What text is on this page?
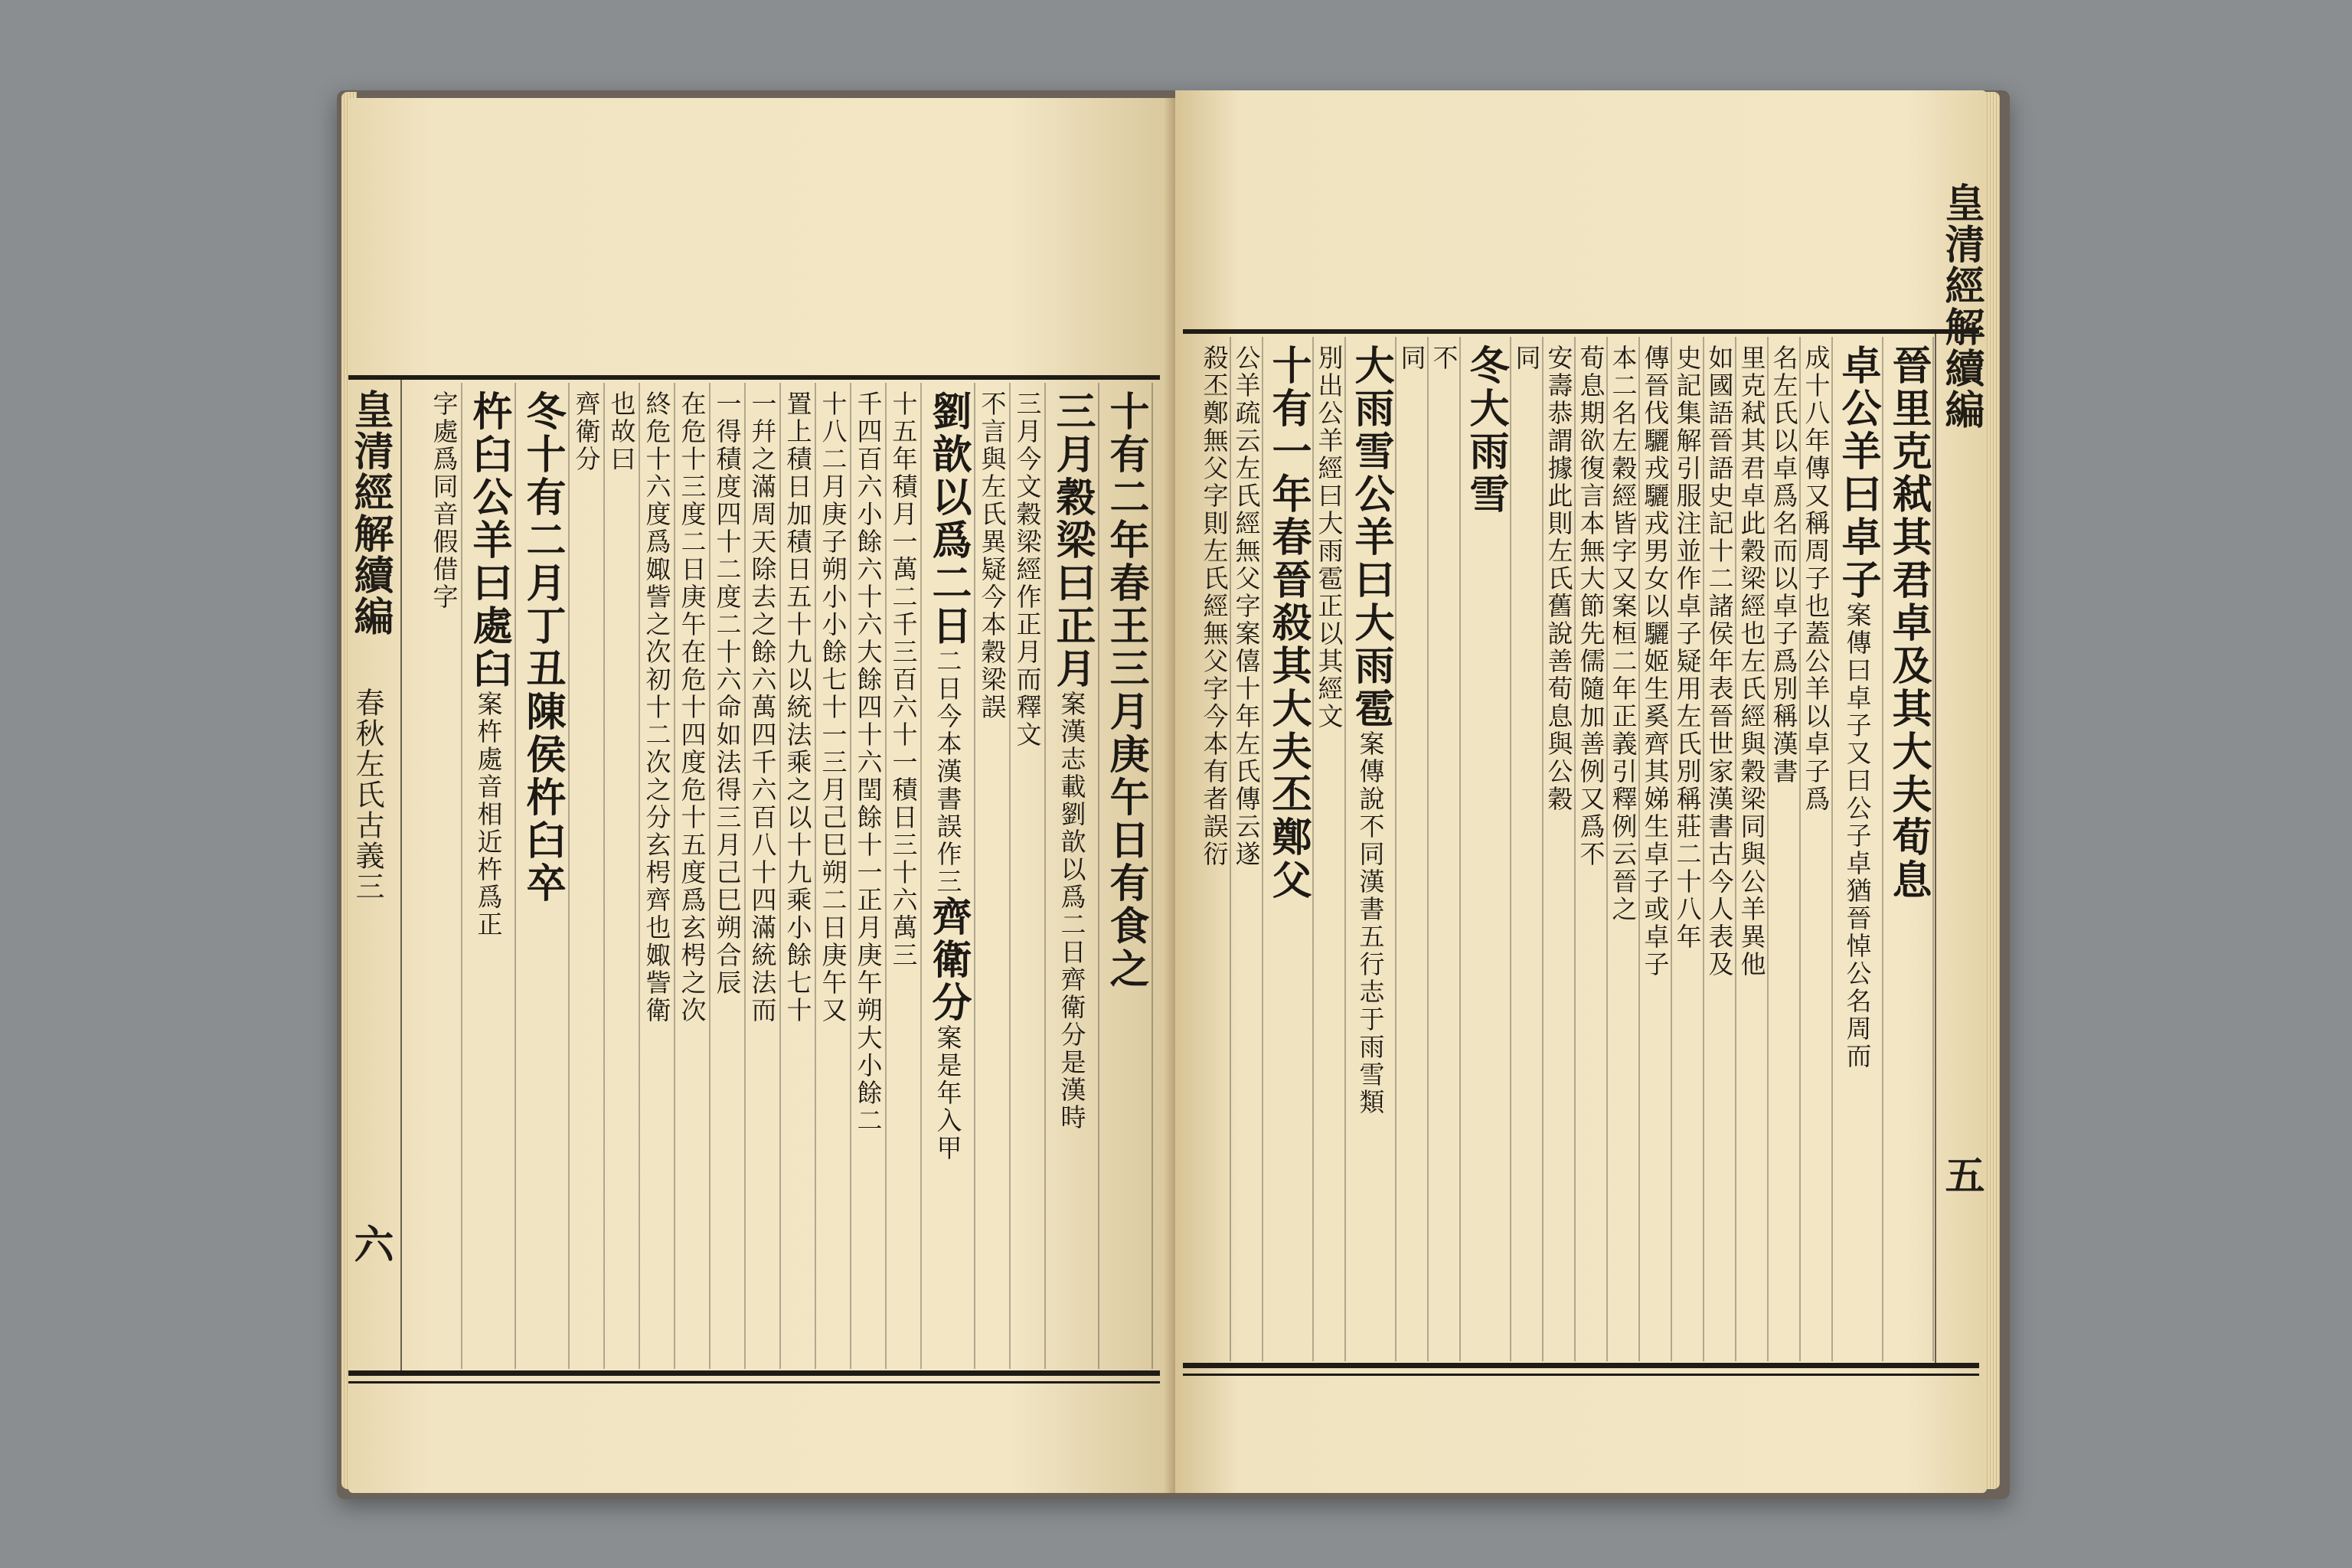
皇清經解續編
春秋左氏古義三
六
十有二年春王三月庚午日有食之
三月穀梁曰正月
案漢志載劉歆以爲二日齊衛分是漢時
三月今文穀梁經作正月而釋文
不言與左氏異疑今本穀梁誤
劉歆以爲二日
二日今本漢書誤作三
齊衛分
案是年入甲
十五年積月一萬二千三百六十一積日三十六萬三
千四百六小餘六十六大餘四十六閏餘十一正月庚午朔大小餘二
十八二月庚子朔小小餘七十一三月己巳朔二日庚午又
置上積日加積日五十九以統法乘之以十九乘小餘七十
一幷之滿周天除去之餘六萬四千六百八十四滿統法而
一得積度四十二度二十六命如法得三月己巳朔合辰
在危十三度二日庚午在危十四度危十五度爲玄枵之次
終危十六度爲娵訾之次初十二次之分玄枵齊也娵訾衛
也故曰
齊衛分
冬十有二月丁丑陳侯杵臼卒
杵臼公羊曰處臼
案杵處音相近杵爲正
字處爲同音假借字
皇清經解續編
五
晉里克弒其君卓及其大夫荀息
卓公羊曰卓子
案傳曰卓子又曰公子卓猶晉悼公名周而
成十八年傳又稱周子也蓋公羊以卓子爲
名左氏以卓爲名而以卓子爲別稱漢書
里克弒其君卓此穀梁經也左氏經與穀梁同與公羊異他
如國語晉語史記十二諸侯年表晉世家漢書古今人表及
史記集解引服注並作卓子疑用左氏別稱莊二十八年
傳晉伐驪戎驪戎男女以驪姬生奚齊其娣生卓子或卓子
本二名左穀經皆字又案桓二年正義引釋例云晉之
荀息期欲復言本無大節先儒隨加善例又爲不
安壽恭謂據此則左氏舊說善荀息與公穀
同
冬大雨雪
不
同
大雨雪公羊曰大雨雹
案傳說不同漢書五行志于雨雪類
別出公羊經曰大雨雹正以其經文
十有一年春晉殺其大夫丕鄭父
公羊疏云左氏經無父字案僖十年左氏傳云遂
殺丕鄭無父字則左氏經無父字今本有者誤衍
